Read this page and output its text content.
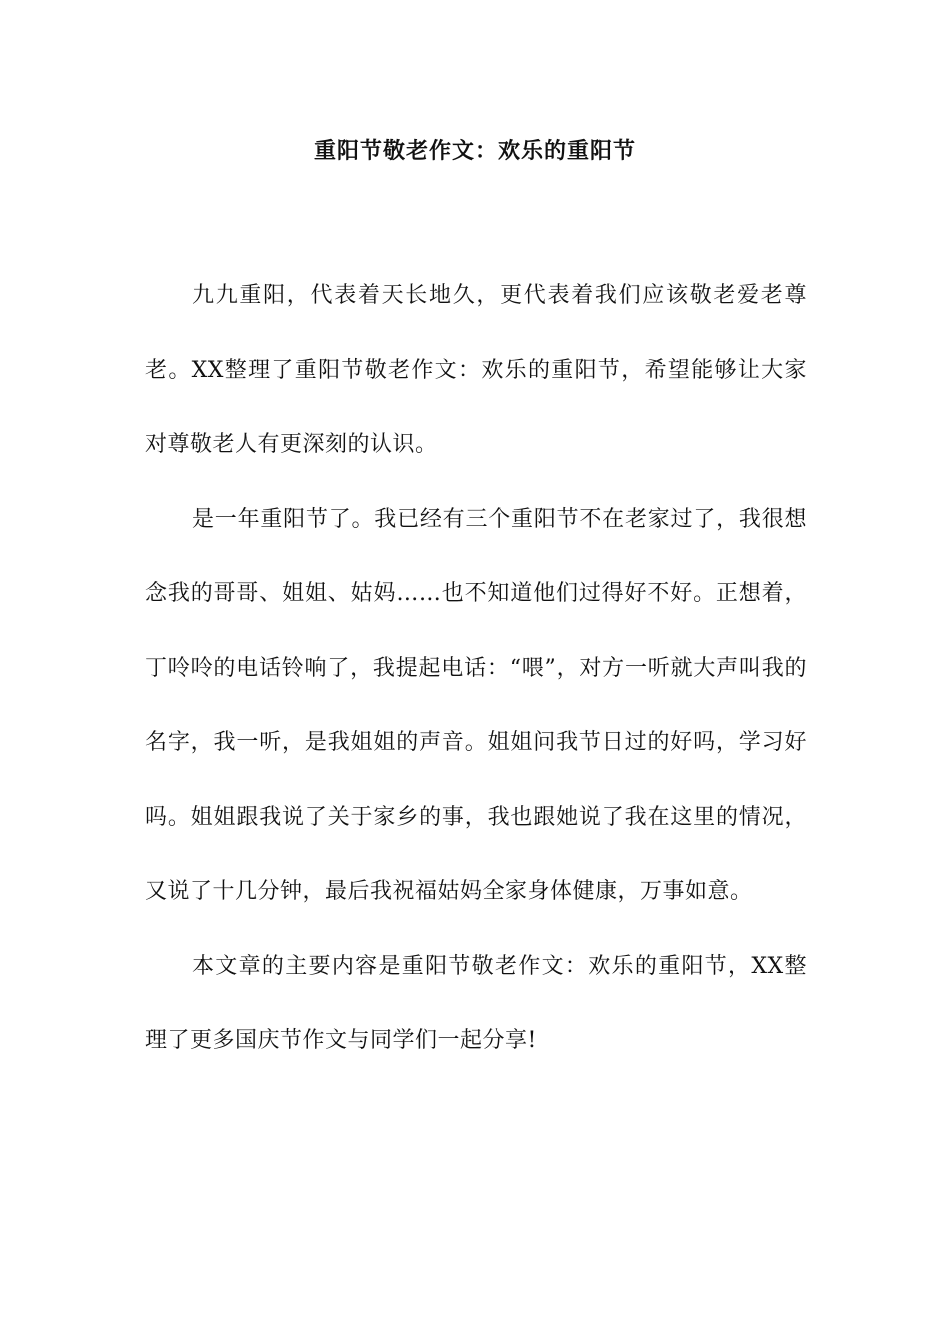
重阳节敬老作文：欢乐的重阳节

九九重阳，代表着天长地久，更代表着我们应该敬老爱老尊老。XX整理了重阳节敬老作文：欢乐的重阳节，希望能够让大家对尊敬老人有更深刻的认识。

是一年重阳节了。我已经有三个重阳节不在老家过了，我很想念我的哥哥、姐姐、姑妈……也不知道他们过得好不好。正想着，丁呤呤的电话铃响了，我提起电话：“喂”，对方一听就大声叫我的名字，我一听，是我姐姐的声音。姐姐问我节日过的好吗，学习好吗。姐姐跟我说了关于家乡的事，我也跟她说了我在这里的情况，又说了十几分钟，最后我祝福姑妈全家身体健康，万事如意。

本文章的主要内容是重阳节敬老作文：欢乐的重阳节，XX整理了更多国庆节作文与同学们一起分享!
